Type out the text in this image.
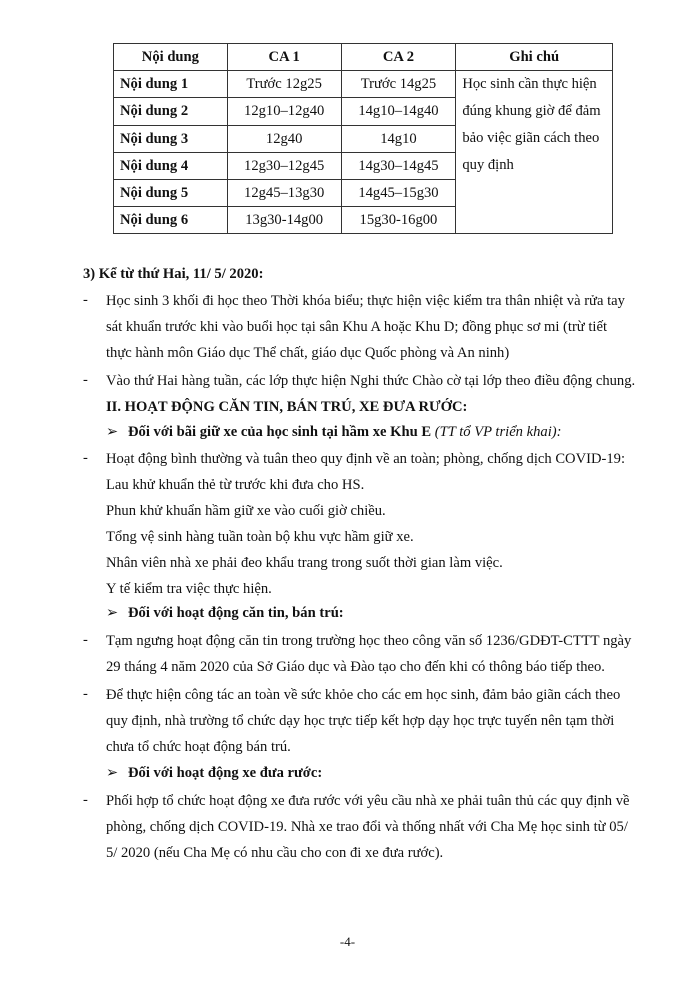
Nội dung	CA 1	CA 2	Ghi chú
Nội dung 1	Trước 12g25	Trước 14g25	Học sinh cần thực hiện
đúng khung giờ để đảm
bảo việc giãn cách theo
quy định

Nội dung 2	12g10–12g40	14g10–14g40	
Nội dung 3	12g40	14g10	
Nội dung 4	12g30–12g45	14g30–14g45	
Nội dung 5	12g45–13g30	14g45–15g30	
Nội dung 6	13g30-14g00	15g30-16g00	
3) Kể từ thứ Hai, 11/ 5/ 2020:
- Học sinh 3 khối đi học theo Thời khóa biểu; thực hiện việc kiểm tra thân nhiệt và rửa tay
sát khuẩn trước khi vào buổi học tại sân Khu A hoặc Khu D; đồng phục sơ mi (trừ tiết
thực hành môn Giáo dục Thể chất, giáo dục Quốc phòng và An ninh)
- Vào thứ Hai hàng tuần, các lớp thực hiện Nghi thức Chào cờ tại lớp theo điều động chung.
II. HOẠT ĐỘNG CĂN TIN, BÁN TRÚ, XE ĐƯA RƯỚC:
➢ Đối với bãi giữ xe của học sinh tại hầm xe Khu E (TT tổ VP triển khai):
- Hoạt động bình thường và tuân theo quy định về an toàn; phòng, chống dịch COVID-19:
Lau khử khuẩn thẻ từ trước khi đưa cho HS.
Phun khử khuẩn hầm giữ xe vào cuối giờ chiều.
Tổng vệ sinh hàng tuần toàn bộ khu vực hầm giữ xe.
Nhân viên nhà xe phải đeo khẩu trang trong suốt thời gian làm việc.
Y tế kiểm tra việc thực hiện.
➢ Đối với hoạt động căn tin, bán trú:
- Tạm ngưng hoạt động căn tin trong trường học theo công văn số 1236/GDĐT-CTTT ngày
29 tháng 4 năm 2020 của Sở Giáo dục và Đào tạo cho đến khi có thông báo tiếp theo.
- Để thực hiện công tác an toàn về sức khỏe cho các em học sinh, đảm bảo giãn cách theo
quy định, nhà trường tổ chức dạy học trực tiếp kết hợp dạy học trực tuyến nên tạm thời
chưa tổ chức hoạt động bán trú.
➢ Đối với hoạt động xe đưa rước:
- Phối hợp tổ chức hoạt động xe đưa rước với yêu cầu nhà xe phải tuân thủ các quy định về
phòng, chống dịch COVID-19. Nhà xe trao đổi và thống nhất với Cha Mẹ học sinh từ 05/
5/ 2020 (nếu Cha Mẹ có nhu cầu cho con đi xe đưa rước).
-4-
